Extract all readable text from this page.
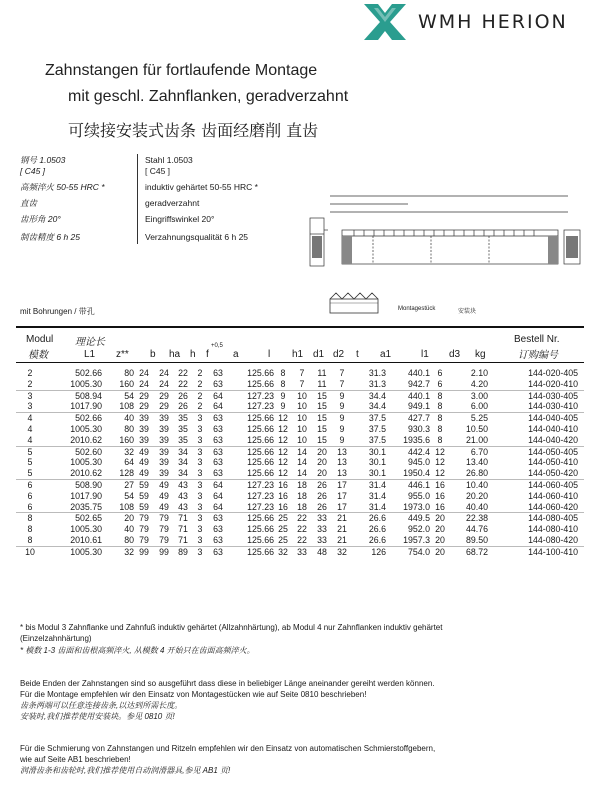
WMH HERION
Zahnstangen für fortlaufende Montage
mit geschl. Zahnflanken, geradverzahnt
可续接安装式齿条 齿面经磨削 直齿
钢号 1.0503	Stahl 1.0503
[ C45 ]	[ C45 ]
高频淬火 50-55 HRC *	induktiv gehärtet 50-55 HRC *
直齿	geradverzahnt
齿形角 20°	Eingriffswinkel 20°
制齿精度 6 h 25	Verzahnungsqualität 6 h 25
Montagestück	安装块
mit Bohrungen / 带孔
Modul
模数
理论长
L1 z** b ha h f
+0,5
a	l h1 d1 d2 t a1	l1 d3 kg
Bestell Nr.
订购编号
2	502.66	80	24	24	22	2	63	125.66	8	7	11	7	31.3	440.1	6	2.10	144-020-405
2	1005.30	160	24	24	22	2	63	125.66	8	7	11	7	31.3	942.7	6	4.20	144-020-410
3	508.94	54	29	29	26	2	64	127.23	9	10	15	9	34.4	440.1	8	3.00	144-030-405
3	1017.90	108	29	29	26	2	64	127.23	9	10	15	9	34.4	949.1	8	6.00	144-030-410
4	502.66	40	39	39	35	3	63	125.66	12	10	15	9	37.5	427.7	8	5.25	144-040-405
4	1005.30	80	39	39	35	3	63	125.66	12	10	15	9	37.5	930.3	8	10.50	144-040-410
4	2010.62	160	39	39	35	3	63	125.66	12	10	15	9	37.5	1935.6	8	21.00	144-040-420
5	502.60	32	49	39	34	3	63	125.66	12	14	20	13	30.1	442.4	12	6.70	144-050-405
5	1005.30	64	49	39	34	3	63	125.66	12	14	20	13	30.1	945.0	12	13.40	144-050-410
5	2010.62	128	49	39	34	3	63	125.66	12	14	20	13	30.1	1950.4	12	26.80	144-050-420
6	508.90	27	59	49	43	3	64	127.23	16	18	26	17	31.4	446.1	16	10.40	144-060-405
6	1017.90	54	59	49	43	3	64	127.23	16	18	26	17	31.4	955.0	16	20.20	144-060-410
6	2035.75	108	59	49	43	3	64	127.23	16	18	26	17	31.4	1973.0	16	40.40	144-060-420
8	502.65	20	79	79	71	3	63	125.66	25	22	33	21	26.6	449.5	20	22.38	144-080-405
8	1005.30	40	79	79	71	3	63	125.66	25	22	33	21	26.6	952.0	20	44.76	144-080-410
8	2010.61	80	79	79	71	3	63	125.66	25	22	33	21	26.6	1957.3	20	89.50	144-080-420
10	1005.30	32	99	99	89	3	63	125.66	32	33	48	32	126	754.0	20	68.72	144-100-410
* bis Modul 3 Zahnflanke und Zahnfuß induktiv gehärtet (Allzahnhärtung), ab Modul 4 nur Zahnflanken induktiv gehärtet
(Einzelzahnhärtung)
* 模数 1-3 齿面和齿根高频淬火, 从模数 4 开始只在齿面高频淬火。
Beide Enden der Zahnstangen sind so ausgeführt dass diese in beliebiger Länge aneinander gereiht werden können.
Für die Montage empfehlen wir den Einsatz von Montagestücken wie auf Seite 0810 beschrieben!
齿条两端可以任意连接齿条,以达到所需长度。
安装时,我们推荐使用安装块。参见 0810 页!
Für die Schmierung von Zahnstangen und Ritzeln empfehlen wir den Einsatz von automatischen Schmierstoffgebern,
wie auf Seite AB1 beschrieben!
润滑齿条和齿轮时,我们推荐使用自动润滑器具,参见 AB1 页!
